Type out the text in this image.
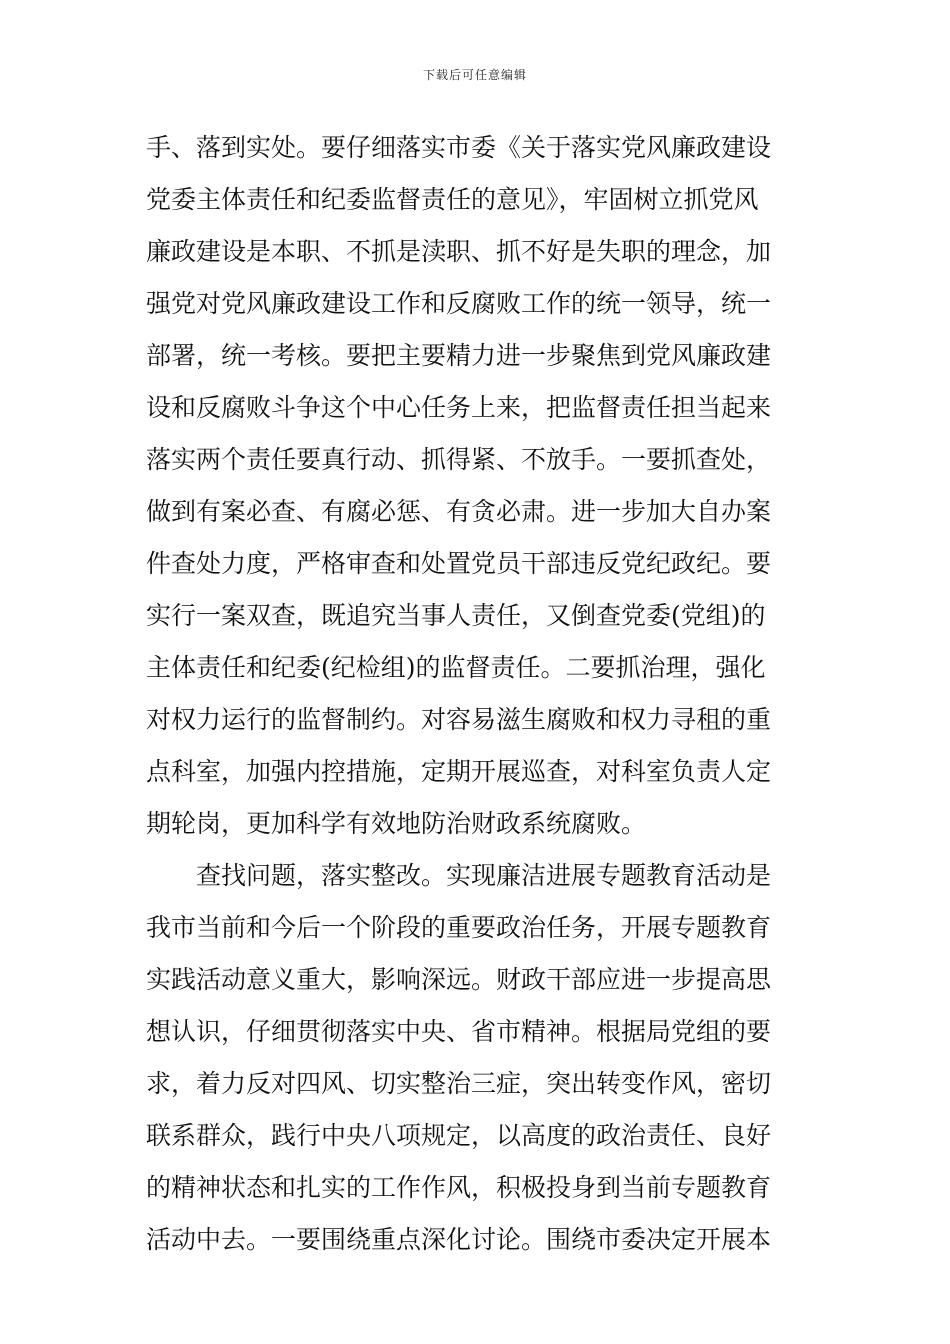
下载后可任意编辑
手、落到实处。要仔细落实市委《关于落实党风廉政建设
党委主体责任和纪委监督责任的意见》，牢固树立抓党风
廉政建设是本职、不抓是渎职、抓不好是失职的理念，加
强党对党风廉政建设工作和反腐败工作的统一领导，统一
部署，统一考核。要把主要精力进一步聚焦到党风廉政建
设和反腐败斗争这个中心任务上来，把监督责任担当起来
落实两个责任要真行动、抓得紧、不放手。一要抓查处，
做到有案必查、有腐必惩、有贪必肃。进一步加大自办案
件查处力度，严格审查和处置党员干部违反党纪政纪。要
实行一案双查，既追究当事人责任，又倒查党委(党组)的
主体责任和纪委(纪检组)的监督责任。二要抓治理，强化
对权力运行的监督制约。对容易滋生腐败和权力寻租的重
点科室，加强内控措施，定期开展巡查，对科室负责人定
期轮岗，更加科学有效地防治财政系统腐败。
　　查找问题，落实整改。实现廉洁进展专题教育活动是
我市当前和今后一个阶段的重要政治任务，开展专题教育
实践活动意义重大，影响深远。财政干部应进一步提高思
想认识，仔细贯彻落实中央、省市精神。根据局党组的要
求，着力反对四风、切实整治三症，突出转变作风，密切
联系群众，践行中央八项规定，以高度的政治责任、良好
的精神状态和扎实的工作作风，积极投身到当前专题教育
活动中去。一要围绕重点深化讨论。围绕市委决定开展本
